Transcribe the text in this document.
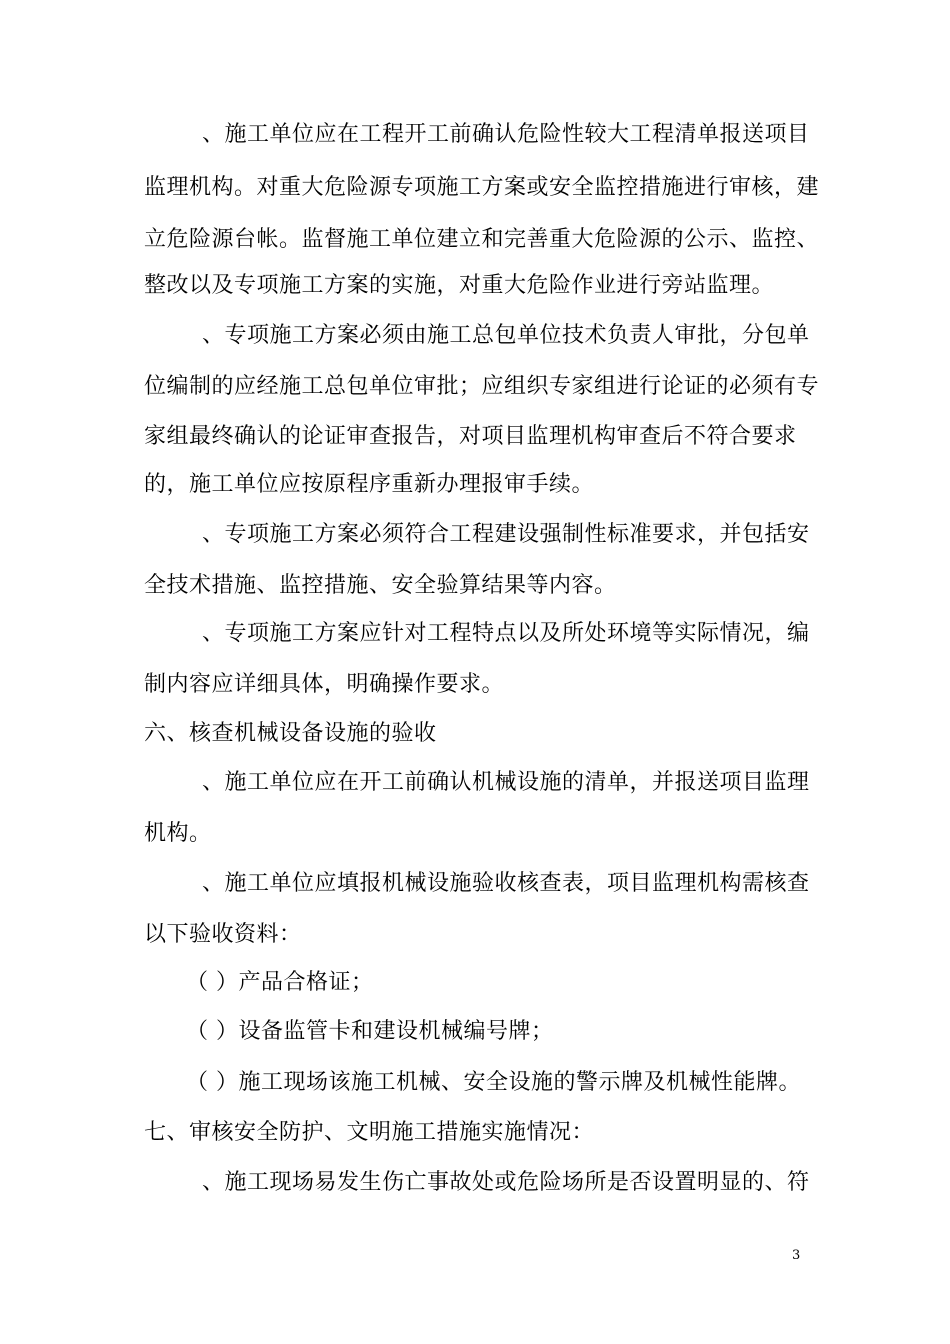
、施工单位应在工程开工前确认危险性较大工程清单报送项目
监理机构。对重大危险源专项施工方案或安全监控措施进行审核，建
立危险源台帐。监督施工单位建立和完善重大危险源的公示、监控、
整改以及专项施工方案的实施，对重大危险作业进行旁站监理。
、专项施工方案必须由施工总包单位技术负责人审批，分包单
位编制的应经施工总包单位审批；应组织专家组进行论证的必须有专
家组最终确认的论证审查报告，对项目监理机构审查后不符合要求
的，施工单位应按原程序重新办理报审手续。
、专项施工方案必须符合工程建设强制性标准要求，并包括安
全技术措施、监控措施、安全验算结果等内容。
、专项施工方案应针对工程特点以及所处环境等实际情况，编
制内容应详细具体，明确操作要求。
六、核查机械设备设施的验收
、施工单位应在开工前确认机械设施的清单，并报送项目监理
机构。
、施工单位应填报机械设施验收核查表，项目监理机构需核查
以下验收资料：
（ ）产品合格证；
（ ）设备监管卡和建设机械编号牌；
（ ）施工现场该施工机械、安全设施的警示牌及机械性能牌。
七、审核安全防护、文明施工措施实施情况：
、施工现场易发生伤亡事故处或危险场所是否设置明显的、符
3
